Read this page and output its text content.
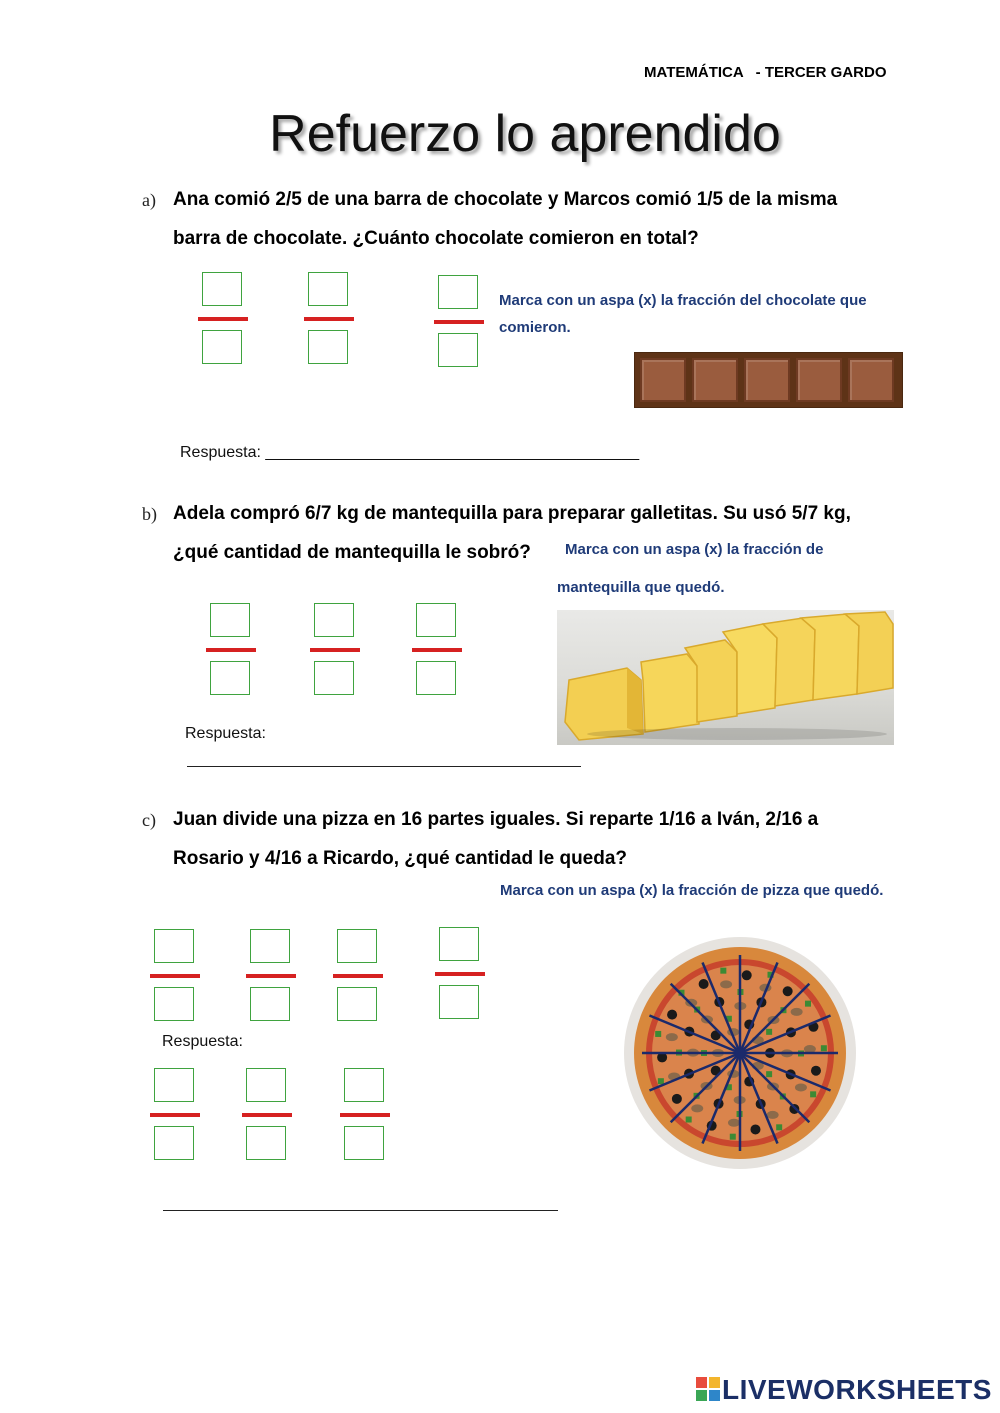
MATEMÁTICA   - TERCER GARDO
Refuerzo lo aprendido
a) Ana comió 2/5 de una barra de chocolate y Marcos comió 1/5 de la misma
barra de chocolate. ¿Cuánto chocolate comieron en total?
Marca con un aspa (x) la fracción del chocolate que
comieron.
Respuesta: __________________________________________
b) Adela compró 6/7 kg de mantequilla para preparar galletitas. Su usó 5/7 kg,
¿qué cantidad de mantequilla le sobró?	Marca con un aspa (x) la fracción de
mantequilla que quedó.
Respuesta:
c) Juan divide una pizza en 16 partes iguales. Si reparte 1/16 a Iván, 2/16 a
Rosario y 4/16 a Ricardo, ¿qué cantidad le queda?
Marca con un aspa (x) la fracción de pizza que quedó.
Respuesta:
LIVEWORKSHEETS
